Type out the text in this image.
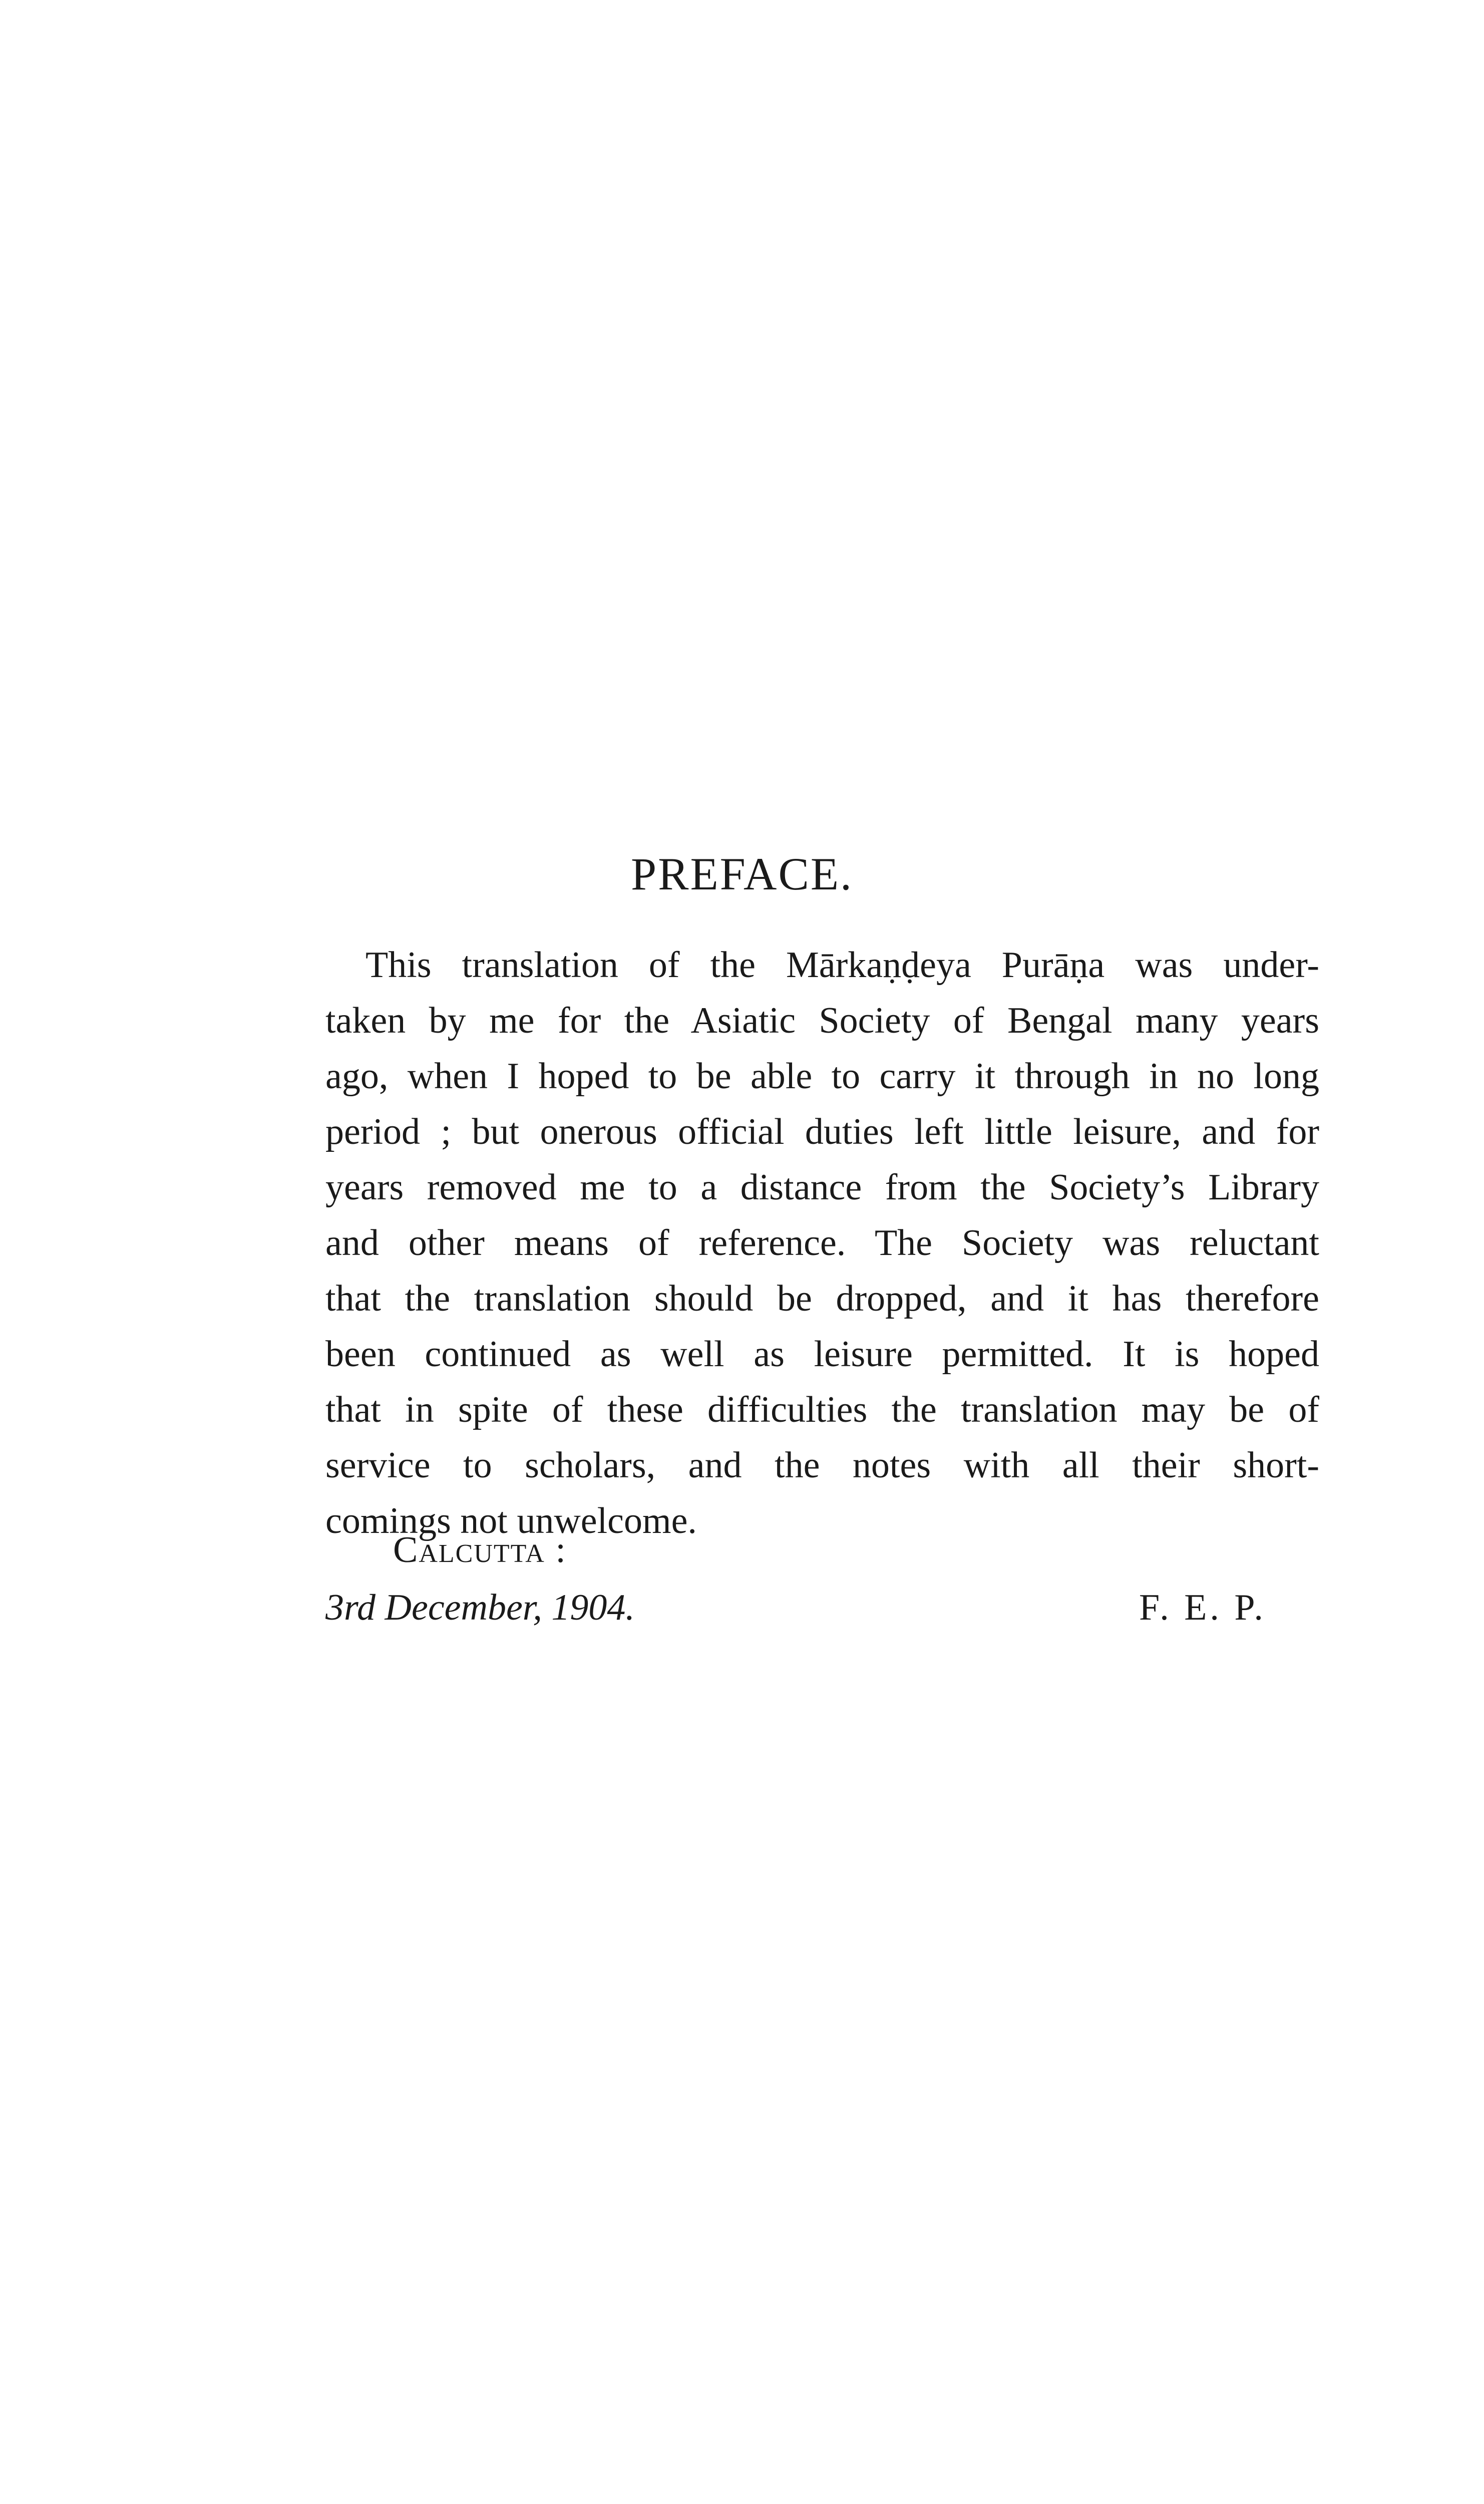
PREFACE.
This translation of the Mārkaṇḍeya Purāṇa was under-
taken by me for the Asiatic Society of Bengal many years
ago, when I hoped to be able to carry it through in no long
period ; but onerous official duties left little leisure, and for
years removed me to a distance from the Society’s Library
and other means of reference. The Society was reluctant
that the translation should be dropped, and it has therefore
been continued as well as leisure permitted. It is hoped
that in spite of these difficulties the translation may be of
service to scholars, and the notes with all their short-
comings not unwelcome.
Calcutta :
3rd December, 1904.	F. E. P.
